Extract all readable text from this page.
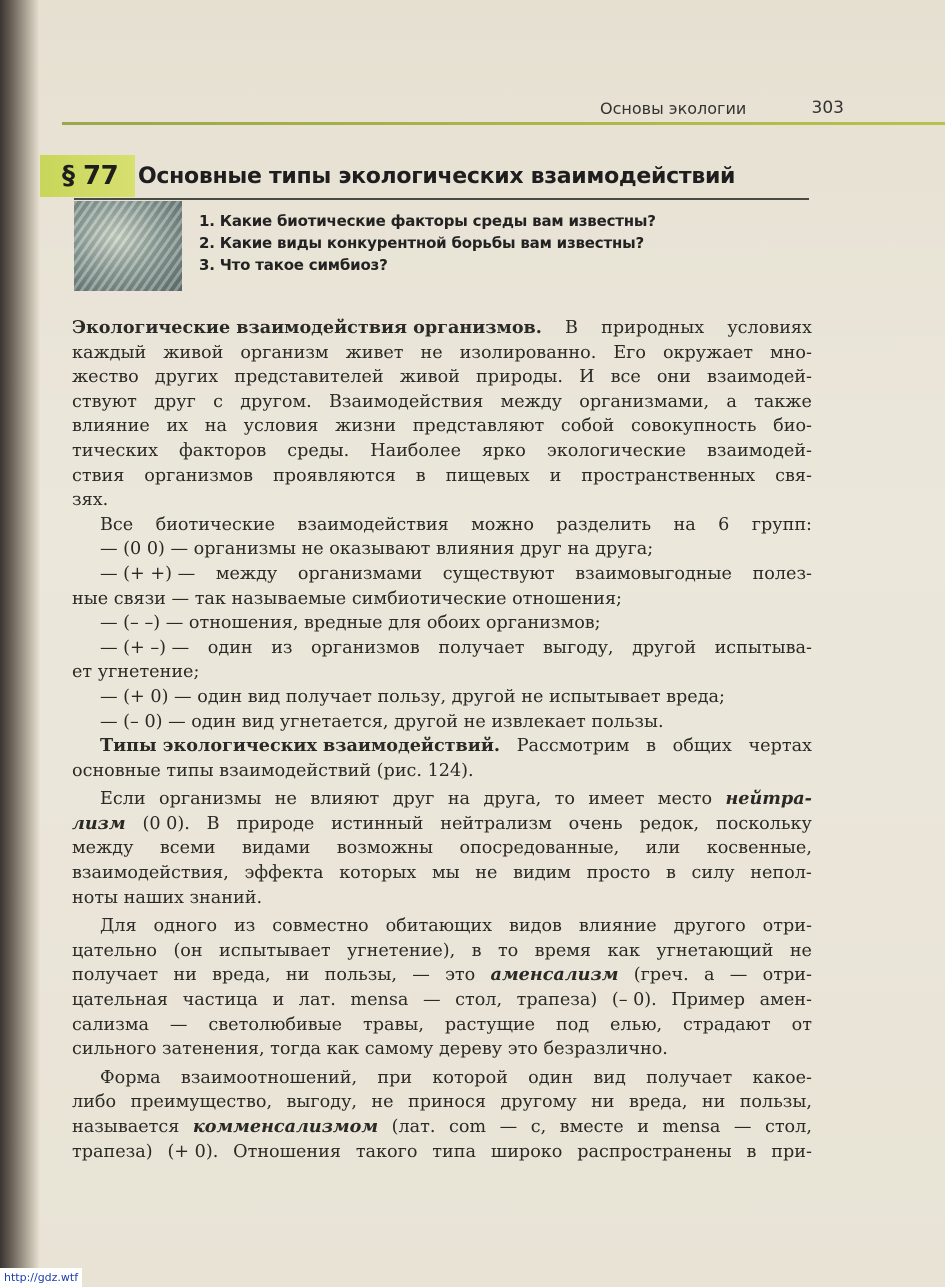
Основы экологии	303
§ 77 Основные типы экологических взаимодействий
1. Какие биотические факторы среды вам известны?
2. Какие виды конкурентной борьбы вам известны?
3. Что такое симбиоз?
Экологические взаимодействия организмов. В природных условиях
каждый живой организм живет не изолированно. Его окружает мно-
жество других представителей живой природы. И все они взаимодей-
ствуют друг с другом. Взаимодействия между организмами, а также
влияние их на условия жизни представляют собой совокупность био-
тических факторов среды. Наиболее ярко экологические взаимодей-
ствия организмов проявляются в пищевых и пространственных свя-
зях.
Все биотические взаимодействия можно разделить на 6 групп:
— (0 0) — организмы не оказывают влияния друг на друга;
— (+ +) — между организмами существуют взаимовыгодные полез-
ные связи — так называемые симбиотические отношения;
— (– –) — отношения, вредные для обоих организмов;
— (+ –) — один из организмов получает выгоду, другой испытыва-
ет угнетение;
— (+ 0) — один вид получает пользу, другой не испытывает вреда;
— (– 0) — один вид угнетается, другой не извлекает пользы.
Типы экологических взаимодействий. Рассмотрим в общих чертах
основные типы взаимодействий (рис. 124).
Если организмы не влияют друг на друга, то имеет место нейтра-
лизм (0 0). В природе истинный нейтрализм очень редок, поскольку
между всеми видами возможны опосредованные, или косвенные,
взаимодействия, эффекта которых мы не видим просто в силу непол-
ноты наших знаний.
Для одного из совместно обитающих видов влияние другого отри-
цательно (он испытывает угнетение), в то время как угнетающий не
получает ни вреда, ни пользы, — это аменсализм (греч. а — отри-
цательная частица и лат. mensa — стол, трапеза) (– 0). Пример амен-
сализма — светолюбивые травы, растущие под елью, страдают от
сильного затенения, тогда как самому дереву это безразлично.
Форма взаимоотношений, при которой один вид получает какое-
либо преимущество, выгоду, не принося другому ни вреда, ни пользы,
называется комменсализмом (лат. com — с, вместе и mensa — стол,
трапеза) (+ 0). Отношения такого типа широко распространены в при-
http://gdz.wtf
